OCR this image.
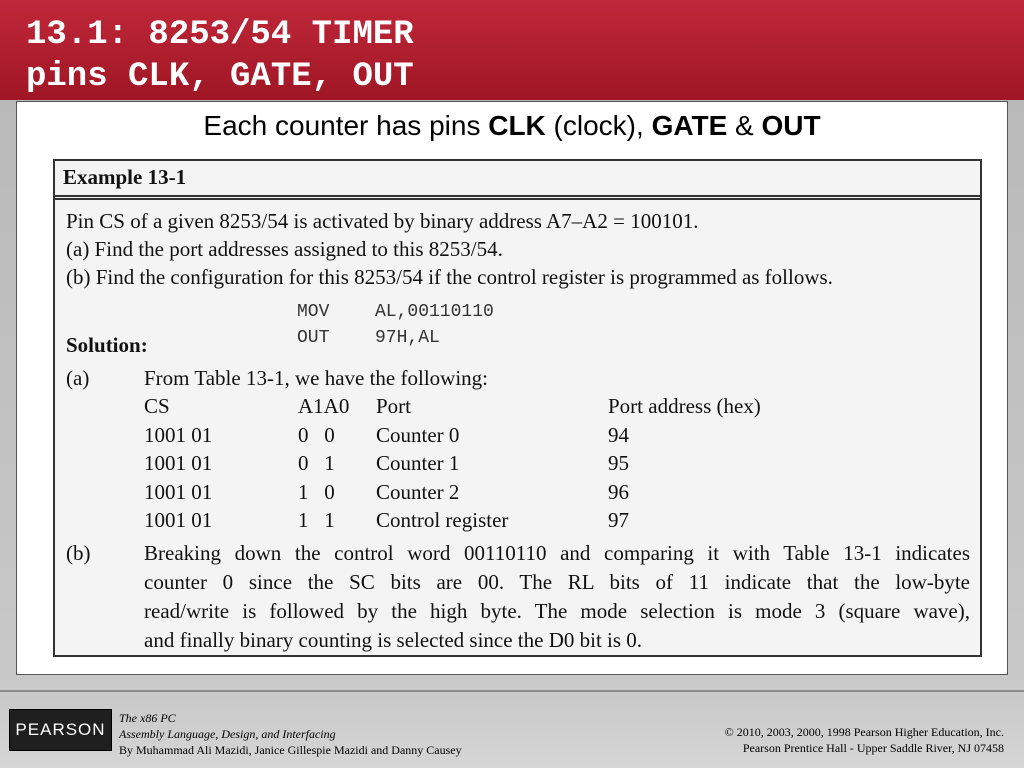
13.1: 8253/54 TIMER
pins CLK, GATE, OUT
Each counter has pins CLK (clock), GATE & OUT
Example 13-1
Pin CS of a given 8253/54 is activated by binary address A7–A2 = 100101.
(a) Find the port addresses assigned to this 8253/54.
(b) Find the configuration for this 8253/54 if the control register is programmed as follows.
MOV	AL,00110110
OUT	97H,AL
Solution:
(a)	From Table 13-1, we have the following:
CS	A1A0 Port	Port address (hex)
1001 01	0   0 Counter 0	94
1001 01	0   1 Counter 1	95
1001 01	1   0 Counter 2	96
1001 01	1   1 Control register	97
(b)	Breaking down the control word 00110110 and comparing it with Table 13-1 indicates
counter 0 since the SC bits are 00. The RL bits of 11 indicate that the low-byte
read/write is followed by the high byte. The mode selection is mode 3 (square wave),
and finally binary counting is selected since the D0 bit is 0.
PEARSON
The x86 PC
Assembly Language, Design, and Interfacing
By Muhammad Ali Mazidi, Janice Gillespie Mazidi and Danny Causey
© 2010, 2003, 2000, 1998 Pearson Higher Education, Inc.
Pearson Prentice Hall - Upper Saddle River, NJ 07458
